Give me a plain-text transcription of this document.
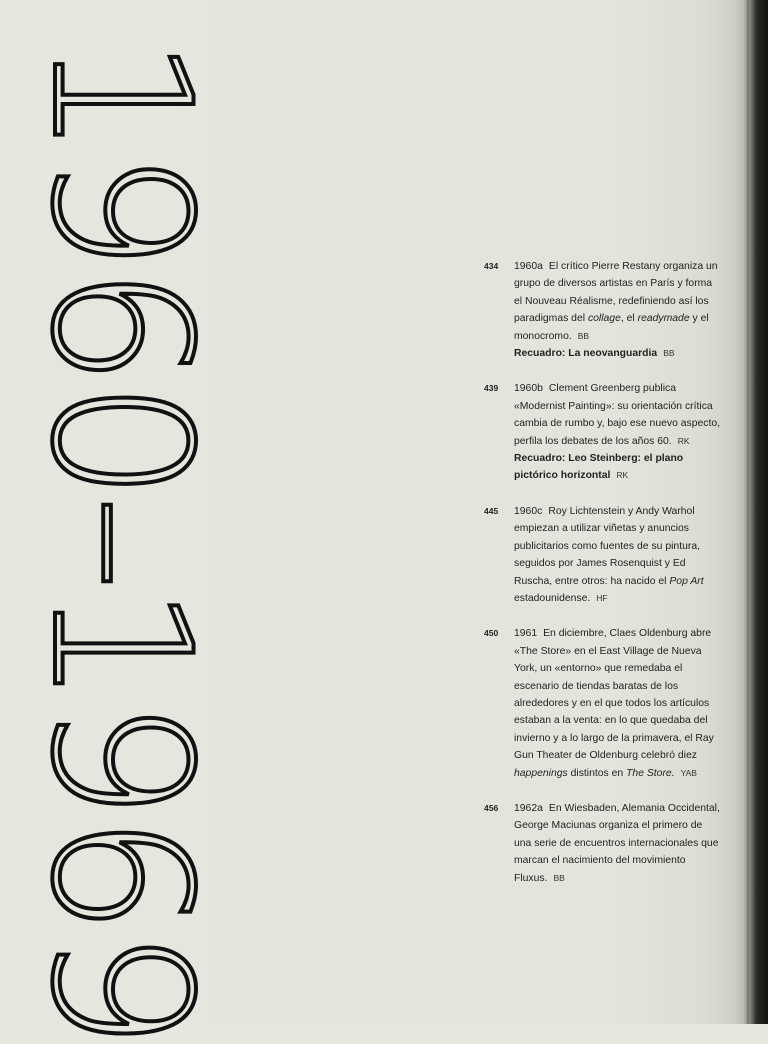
1960–1969	434 1960a El crítico Pierre Restany organiza un grupo de diversos artistas en París y forma el Nouveau Réalisme, redefiniendo así los paradigmas del collage, el readymade y el monocromo. BB
Recuadro: La neovanguardia BB
439 1960b Clement Greenberg publica «Modernist Painting»: su orientación crítica cambia de rumbo y, bajo ese nuevo aspecto, perfila los debates de los años 60. RK
Recuadro: Leo Steinberg: el plano pictórico horizontal RK
445 1960c Roy Lichtenstein y Andy Warhol empiezan a utilizar viñetas y anuncios publicitarios como fuentes de su pintura, seguidos por James Rosenquist y Ed Ruscha, entre otros: ha nacido el Pop Art estadounidense. HF
450 1961 En diciembre, Claes Oldenburg abre «The Store» en el East Village de Nueva York, un «entorno» que remedaba el escenario de tiendas baratas de los alrededores y en el que todos los artículos estaban a la venta: en lo que quedaba del invierno y a lo largo de la primavera, el Ray Gun Theater de Oldenburg celebró diez happenings distintos en The Store. YAB
456 1962a En Wiesbaden, Alemania Occidental, George Maciunas organiza el primero de una serie de encuentros internacionales que marcan el nacimiento del movimiento Fluxus. BB
